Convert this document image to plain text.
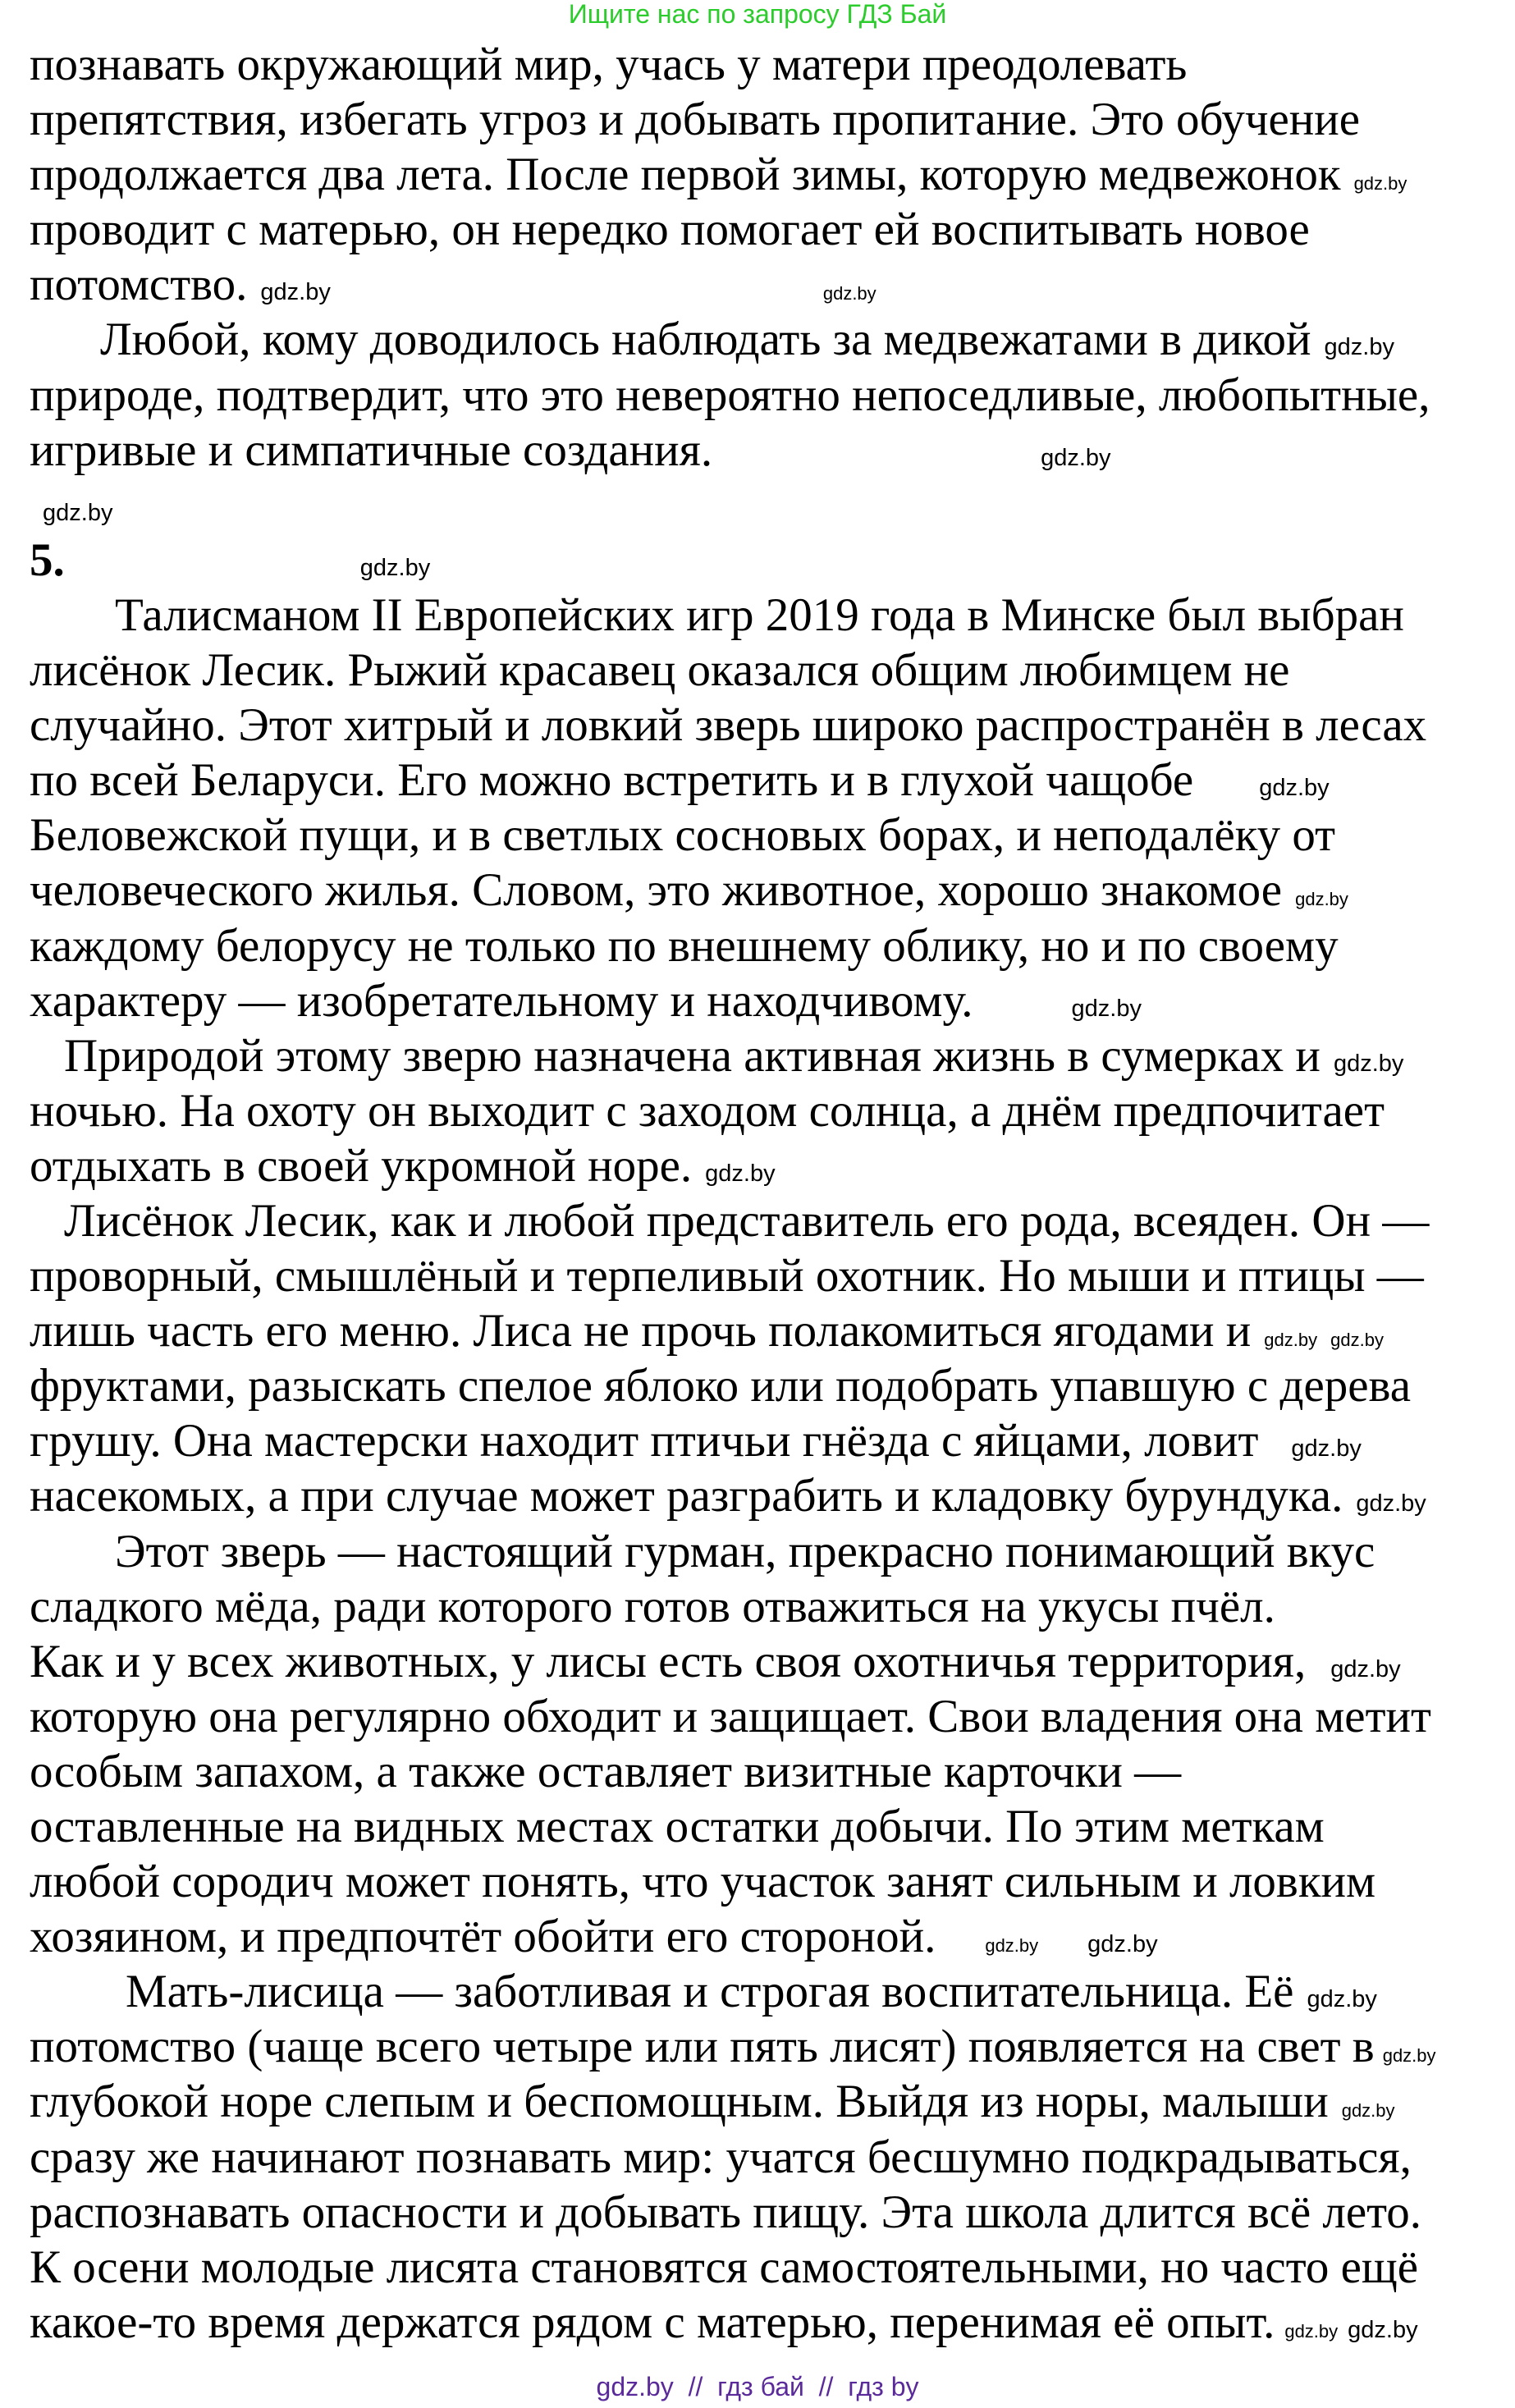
Ищите нас по запросу ГДЗ Бай
познавать окружающий мир, учась у матери преодолевать
препятствия, избегать угроз и добывать пропитание. Это обучение
продолжается два лета. После первой зимы, которую медвежонок gdz.by
проводит с матерью, он нередко помогает ей воспитывать новое
потомство. gdz.by	gdz.by
Любой, кому доводилось наблюдать за медвежатами в дикой gdz.by
природе, подтвердит, что это невероятно непоседливые, любопытные,
игривые и симпатичные создания.	gdz.by
gdz.by
5.	gdz.by
Талисманом II Европейских игр 2019 года в Минске был выбран
лисёнок Лесик. Рыжий красавец оказался общим любимцем не
случайно. Этот хитрый и ловкий зверь широко распространён в лесах
по всей Беларуси. Его можно встретить и в глухой чащобе	gdz.by
Беловежской пущи, и в светлых сосновых борах, и неподалёку от
человеческого жилья. Словом, это животное, хорошо знакомое gdz.by
каждому белорусу не только по внешнему облику, но и по своему
характеру — изобретательному и находчивому.	gdz.by
Природой этому зверю назначена активная жизнь в сумерках и gdz.by
ночью. На охоту он выходит с заходом солнца, а днём предпочитает
отдыхать в своей укромной норе. gdz.by
Лисёнок Лесик, как и любой представитель его рода, всеяден. Он —
проворный, смышлёный и терпеливый охотник. Но мыши и птицы —
лишь часть его меню. Лиса не прочь полакомиться ягодами и gdz.by gdz.by
фруктами, разыскать спелое яблоко или подобрать упавшую с дерева
грушу. Она мастерски находит птичьи гнёзда с яйцами, ловит gdz.by
насекомых, а при случае может разграбить и кладовку бурундука. gdz.by
Этот зверь — настоящий гурман, прекрасно понимающий вкус
сладкого мёда, ради которого готов отважиться на укусы пчёл.
Как и у всех животных, у лисы есть своя охотничья территория, gdz.by
которую она регулярно обходит и защищает. Свои владения она метит
особым запахом, а также оставляет визитные карточки —
оставленные на видных местах остатки добычи. По этим меткам
любой сородич может понять, что участок занят сильным и ловким
хозяином, и предпочтёт обойти его стороной.	gdz.by gdz.by
Мать-лисица — заботливая и строгая воспитательница. Её gdz.by
потомство (чаще всего четыре или пять лисят) появляется на свет в gdz.by
глубокой норе слепым и беспомощным. Выйдя из норы, малыши gdz.by
сразу же начинают познавать мир: учатся бесшумно подкрадываться,
распознавать опасности и добывать пищу. Эта школа длится всё лето.
К осени молодые лисята становятся самостоятельными, но часто ещё
какое-то время держатся рядом с матерью, перенимая её опыт. gdz.by gdz.by
gdz.by  //  гдз бай  //  гдз by
